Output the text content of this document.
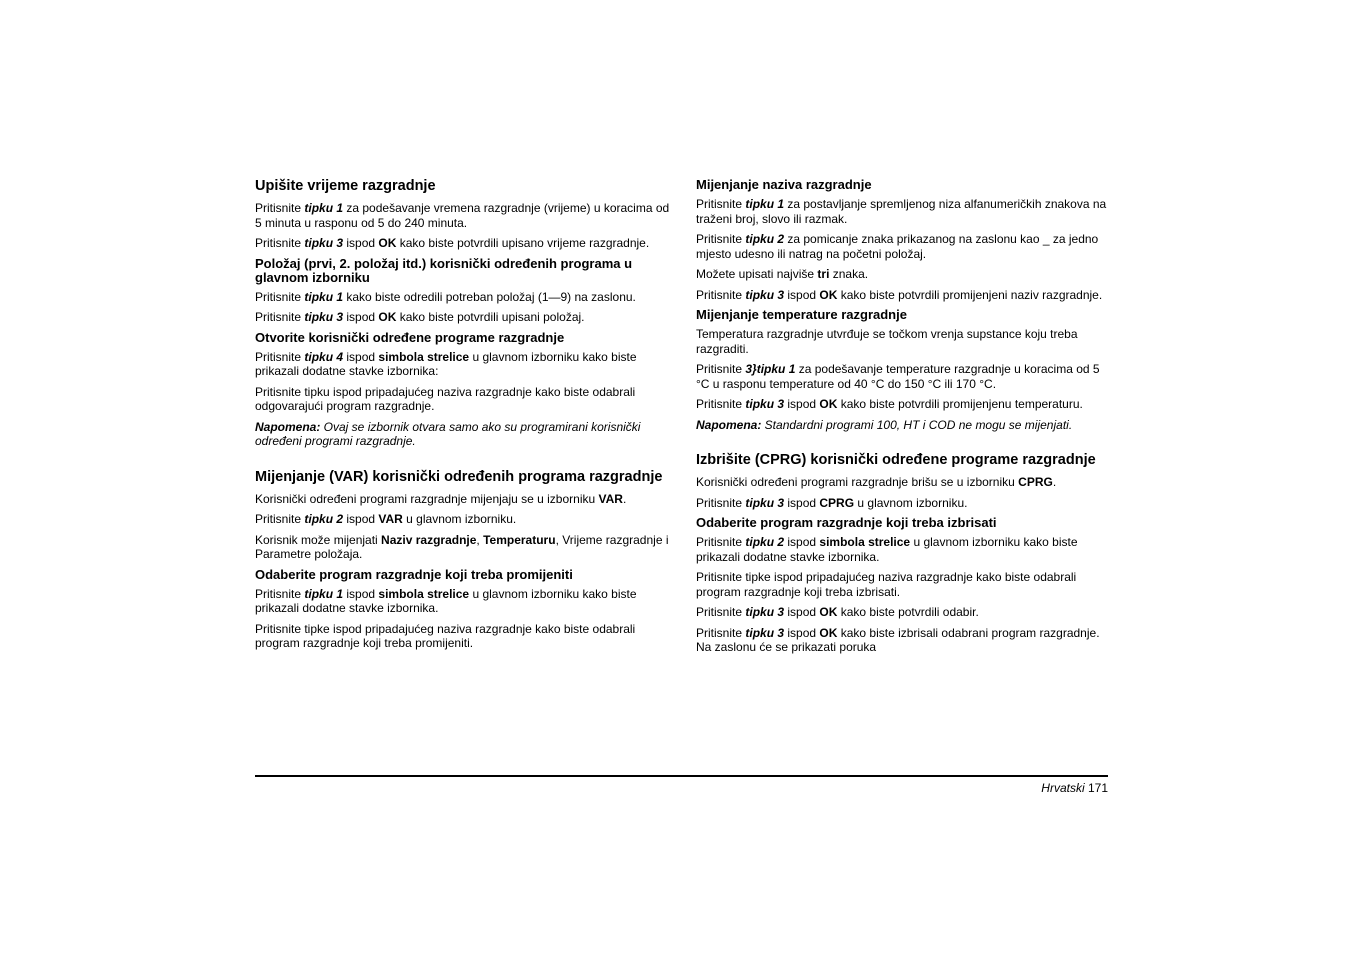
Upišite vrijeme razgradnje

Pritisnite tipku 1 za podešavanje vremena razgradnje (vrijeme) u koracima od 5 minuta u rasponu od 5 do 240 minuta.

Pritisnite tipku 3 ispod OK kako biste potvrdili upisano vrijeme razgradnje.

Položaj (prvi, 2. položaj itd.) korisnički određenih programa u glavnom izborniku

Pritisnite tipku 1 kako biste odredili potreban položaj (1—9) na zaslonu.

Pritisnite tipku 3 ispod OK kako biste potvrdili upisani položaj.

Otvorite korisnički određene programe razgradnje

Pritisnite tipku 4 ispod simbola strelice u glavnom izborniku kako biste prikazali dodatne stavke izbornika:

Pritisnite tipku ispod pripadajućeg naziva razgradnje kako biste odabrali odgovarajući program razgradnje.

Napomena: Ovaj se izbornik otvara samo ako su programirani korisnički određeni programi razgradnje.

Mijenjanje (VAR) korisnički određenih programa razgradnje

Korisnički određeni programi razgradnje mijenjaju se u izborniku VAR.

Pritisnite tipku 2 ispod VAR u glavnom izborniku.

Korisnik može mijenjati Naziv razgradnje, Temperaturu, Vrijeme razgradnje i Parametre položaja.

Odaberite program razgradnje koji treba promijeniti

Pritisnite tipku 1 ispod simbola strelice u glavnom izborniku kako biste prikazali dodatne stavke izbornika.

Pritisnite tipke ispod pripadajućeg naziva razgradnje kako biste odabrali program razgradnje koji treba promijeniti.

Mijenjanje naziva razgradnje

Pritisnite tipku 1 za postavljanje spremljenog niza alfanumeričkih znakova na traženi broj, slovo ili razmak.

Pritisnite tipku 2 za pomicanje znaka prikazanog na zaslonu kao _ za jedno mjesto udesno ili natrag na početni položaj.

Možete upisati najviše tri znaka.

Pritisnite tipku 3 ispod OK kako biste potvrdili promijenjeni naziv razgradnje.

Mijenjanje temperature razgradnje

Temperatura razgradnje utvrđuje se točkom vrenja supstance koju treba razgraditi.

Pritisnite 3}tipku 1 za podešavanje temperature razgradnje u koracima od 5 °C u rasponu temperature od 40 °C do 150 °C ili 170 °C.

Pritisnite tipku 3 ispod OK kako biste potvrdili promijenjenu temperaturu.

Napomena: Standardni programi 100, HT i COD ne mogu se mijenjati.

Izbrišite (CPRG) korisnički određene programe razgradnje

Korisnički određeni programi razgradnje brišu se u izborniku CPRG.

Pritisnite tipku 3 ispod CPRG u glavnom izborniku.

Odaberite program razgradnje koji treba izbrisati

Pritisnite tipku 2 ispod simbola strelice u glavnom izborniku kako biste prikazali dodatne stavke izbornika.

Pritisnite tipke ispod pripadajućeg naziva razgradnje kako biste odabrali program razgradnje koji treba izbrisati.

Pritisnite tipku 3 ispod OK kako biste potvrdili odabir.

Pritisnite tipku 3 ispod OK kako biste izbrisali odabrani program razgradnje. Na zaslonu će se prikazati poruka

Hrvatski 171
